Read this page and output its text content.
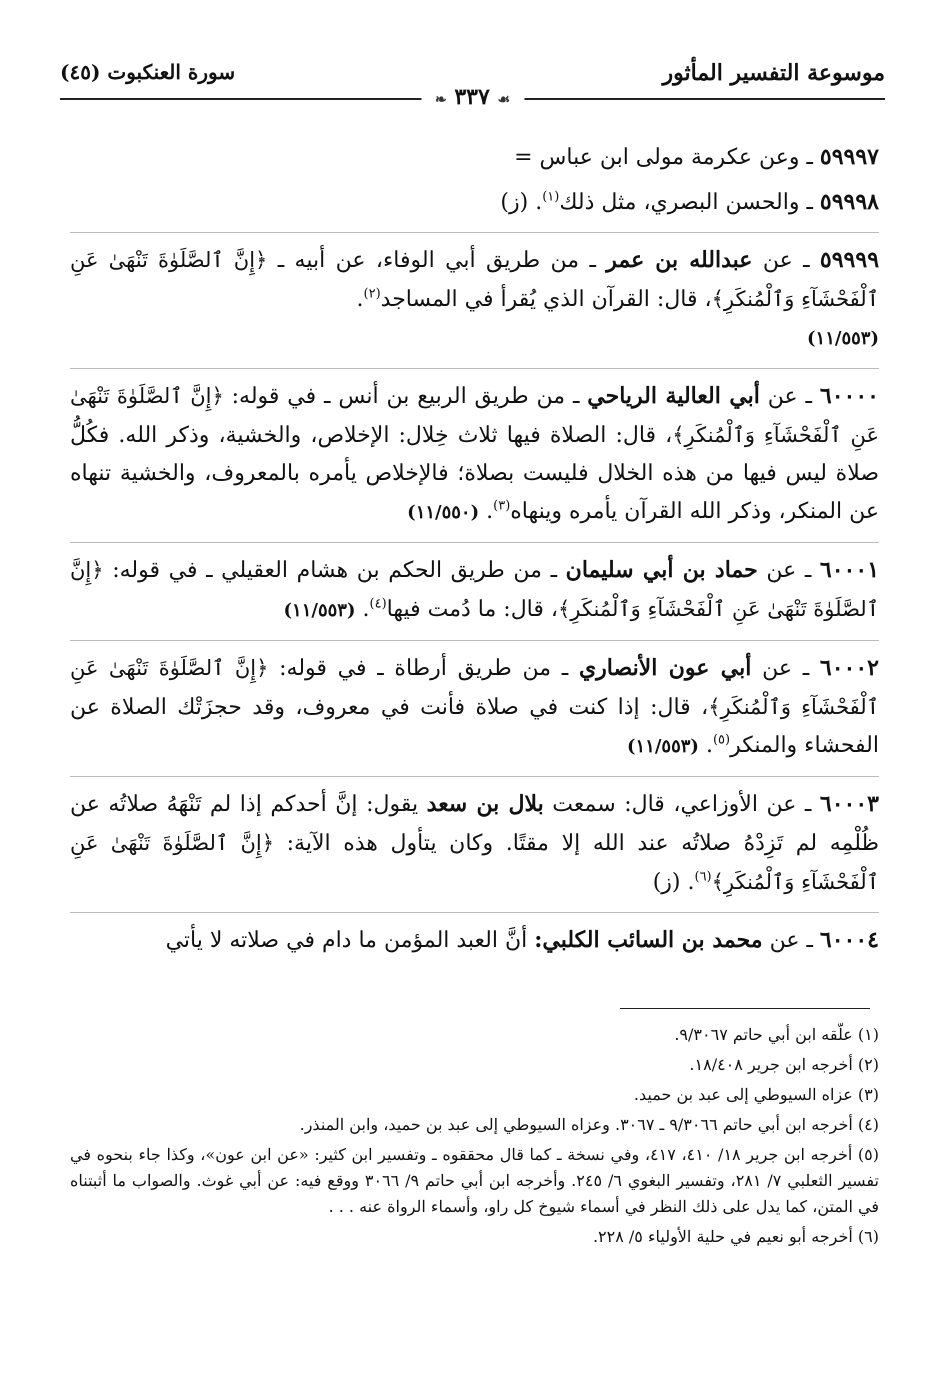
موسوعة التفسير المأثور
سورة العنكبوت (٤٥)
❧ ٣٣٧ ☙

٥٩٩٩٧ ـ وعن عكرمة مولى ابن عباس =

٥٩٩٩٨ ـ والحسن البصري، مثل ذلك$^{(١)}$. (ز)

٥٩٩٩٩ ـ عن عبدالله بن عمر ـ من طريق أبي الوفاء، عن أبيه ـ ﴿إِنَّ ٱلصَّلَوٰةَ تَنْهَىٰ عَنِ ٱلْفَحْشَآءِ وَٱلْمُنكَرِ﴾، قال: القرآن الذي يُقرأ في المساجد$^{(٢)}$.
(١١/٥٥٣)

٦٠٠٠٠ ـ عن أبي العالية الرياحي ـ من طريق الربيع بن أنس ـ في قوله: ﴿إِنَّ ٱلصَّلَوٰةَ تَنْهَىٰ عَنِ ٱلْفَحْشَآءِ وَٱلْمُنكَرِ﴾، قال: الصلاة فيها ثلاث خِلال: الإخلاص، والخشية، وذكر الله. فكُلُّ صلاة ليس فيها من هذه الخلال فليست بصلاة؛ فالإخلاص يأمره بالمعروف، والخشية تنهاه عن المنكر، وذكر الله القرآن يأمره وينهاه$^{(٣)}$. (١١/٥٥٠)

٦٠٠٠١ ـ عن حماد بن أبي سليمان ـ من طريق الحكم بن هشام العقيلي ـ في قوله: ﴿إِنَّ ٱلصَّلَوٰةَ تَنْهَىٰ عَنِ ٱلْفَحْشَآءِ وَٱلْمُنكَرِ﴾، قال: ما دُمت فيها$^{(٤)}$. (١١/٥٥٣)

٦٠٠٠٢ ـ عن أبي عون الأنصاري ـ من طريق أرطاة ـ في قوله: ﴿إِنَّ ٱلصَّلَوٰةَ تَنْهَىٰ عَنِ ٱلْفَحْشَآءِ وَٱلْمُنكَرِ﴾، قال: إذا كنت في صلاة فأنت في معروف، وقد حجزَتْك الصلاة عن الفحشاء والمنكر$^{(٥)}$. (١١/٥٥٣)

٦٠٠٠٣ ـ عن الأوزاعي، قال: سمعت بلال بن سعد يقول: إنَّ أحدكم إذا لم تَنْهَهُ صلاتُه عن ظُلْمِه لم تَزِدْهُ صلاتُه عند الله إلا مقتًا. وكان يتأول هذه الآية: ﴿إِنَّ ٱلصَّلَوٰةَ تَنْهَىٰ عَنِ ٱلْفَحْشَآءِ وَٱلْمُنكَرِ﴾$^{(٦)}$. (ز)

٦٠٠٠٤ ـ عن محمد بن السائب الكلبي: أنَّ العبد المؤمن ما دام في صلاته لا يأتي

(١) علّقه ابن أبي حاتم ٩/٣٠٦٧.

(٢) أخرجه ابن جرير ١٨/٤٠٨.

(٣) عزاه السيوطي إلى عبد بن حميد.

(٤) أخرجه ابن أبي حاتم ٩/٣٠٦٦ ـ ٣٠٦٧. وعزاه السيوطي إلى عبد بن حميد، وابن المنذر.

(٥) أخرجه ابن جرير ١٨/ ٤١٠، ٤١٧، وفي نسخة ـ كما قال محققوه ـ وتفسير ابن كثير: «عن ابن عون»، وكذا جاء بنحوه في تفسير الثعلبي ٧/ ٢٨١، وتفسير البغوي ٦/ ٢٤٥. وأخرجه ابن أبي حاتم ٩/ ٣٠٦٦ ووقع فيه: عن أبي غوث. والصواب ما أثبتناه في المتن، كما يدل على ذلك النظر في أسماء شيوخ كل راو، وأسماء الرواة عنه . . .

(٦) أخرجه أبو نعيم في حلية الأولياء ٥/ ٢٢٨.
